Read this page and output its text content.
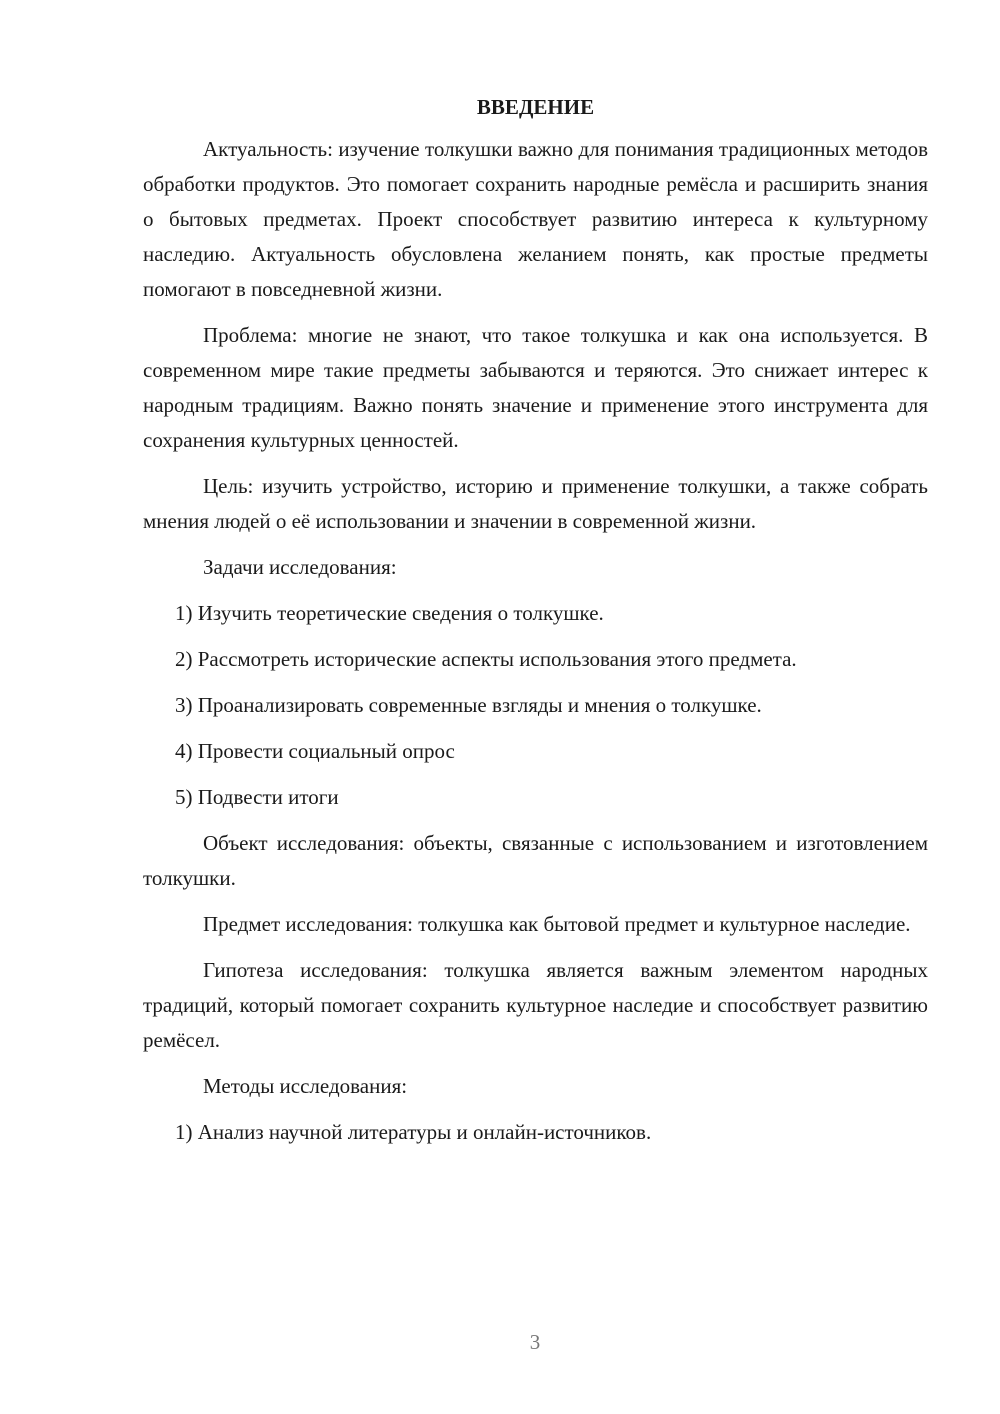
ВВЕДЕНИЕ

Актуальность: изучение толкушки важно для понимания традиционных методов обработки продуктов. Это помогает сохранить народные ремёсла и расширить знания о бытовых предметах. Проект способствует развитию интереса к культурному наследию. Актуальность обусловлена желанием понять, как простые предметы помогают в повседневной жизни.

Проблема: многие не знают, что такое толкушка и как она используется. В современном мире такие предметы забываются и теряются. Это снижает интерес к народным традициям. Важно понять значение и применение этого инструмента для сохранения культурных ценностей.

Цель: изучить устройство, историю и применение толкушки, а также собрать мнения людей о её использовании и значении в современной жизни.

Задачи исследования:

1) Изучить теоретические сведения о толкушке.

2) Рассмотреть исторические аспекты использования этого предмета.

3) Проанализировать современные взгляды и мнения о толкушке.

4) Провести социальный опрос

5) Подвести итоги

Объект исследования: объекты, связанные с использованием и изготовлением толкушки.

Предмет исследования: толкушка как бытовой предмет и культурное наследие.

Гипотеза исследования: толкушка является важным элементом народных традиций, который помогает сохранить культурное наследие и способствует развитию ремёсел.

Методы исследования:

1) Анализ научной литературы и онлайн-источников.

3
